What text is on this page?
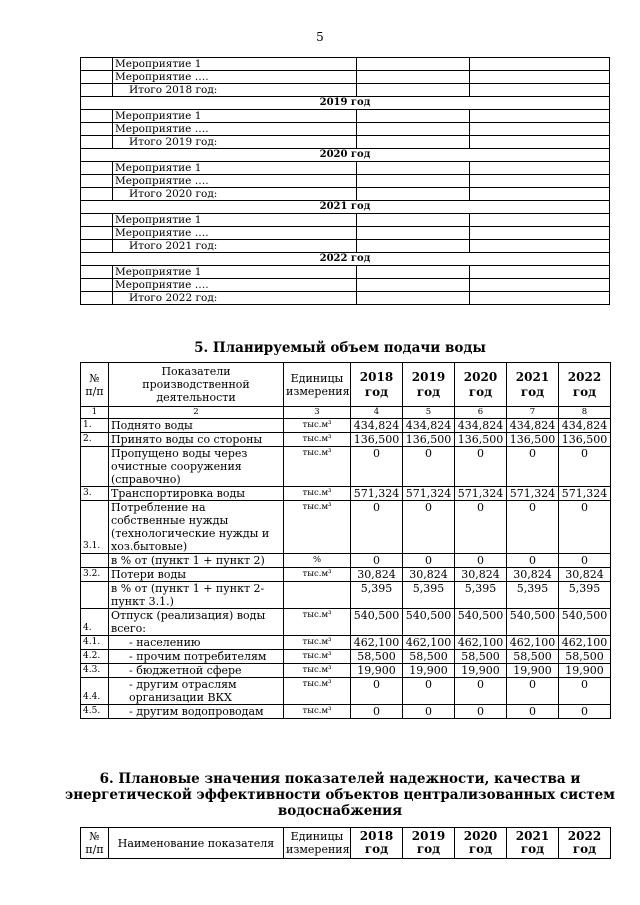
5
	Мероприятие 1		
	Мероприятие ….		
	Итого 2018 год:		
2019 год			
	Мероприятие 1		
	Мероприятие ….		
	Итого 2019 год:		
2020 год			
	Мероприятие 1		
	Мероприятие ….		
	Итого 2020 год:		
2021 год			
	Мероприятие 1		
	Мероприятие ….		
	Итого 2021 год:		
2022 год			
	Мероприятие 1		
	Мероприятие ….		
	Итого 2022 год:		
5. Планируемый объем подачи воды
№ п/п	Показатели производственной деятельности	Единицы измерения	2018 год	2019 год	2020 год	2021 год	2022 год
1	2	3	4	5	6	7	8
1.	Поднято воды	тыс.м³	434,824	434,824	434,824	434,824	434,824
2.	Принято воды со стороны	тыс.м³	136,500	136,500	136,500	136,500	136,500
	Пропущено воды через очистные сооружения (справочно)	тыс.м³	0	0	0	0	0
3.	Транспортировка воды	тыс.м³	571,324	571,324	571,324	571,324	571,324
3.1.	Потребление на собственные нужды (технологические нужды и хоз.бытовые)	тыс.м³	0	0	0	0	0
	в % от (пункт 1 + пункт 2)	%	0	0	0	0	0
3.2.	Потери воды	тыс.м³	30,824	30,824	30,824	30,824	30,824
	в % от (пункт 1 + пункт 2- пункт 3.1.)		5,395	5,395	5,395	5,395	5,395
4.	Отпуск (реализация) воды всего:	тыс.м³	540,500	540,500	540,500	540,500	540,500
4.1.	- населению	тыс.м³	462,100	462,100	462,100	462,100	462,100
4.2.	- прочим потребителям	тыс.м³	58,500	58,500	58,500	58,500	58,500
4.3.	- бюджетной сфере	тыс.м³	19,900	19,900	19,900	19,900	19,900
4.4.	- другим отраслям организации ВКХ	тыс.м³	0	0	0	0	0
4.5.	- другим водопроводам	тыс.м³	0	0	0	0	0
6. Плановые значения показателей надежности, качества и энергетической эффективности объектов централизованных систем водоснабжения
№ п/п	Наименование показателя	Единицы измерения	2018 год	2019 год	2020 год	2021 год	2022 год
